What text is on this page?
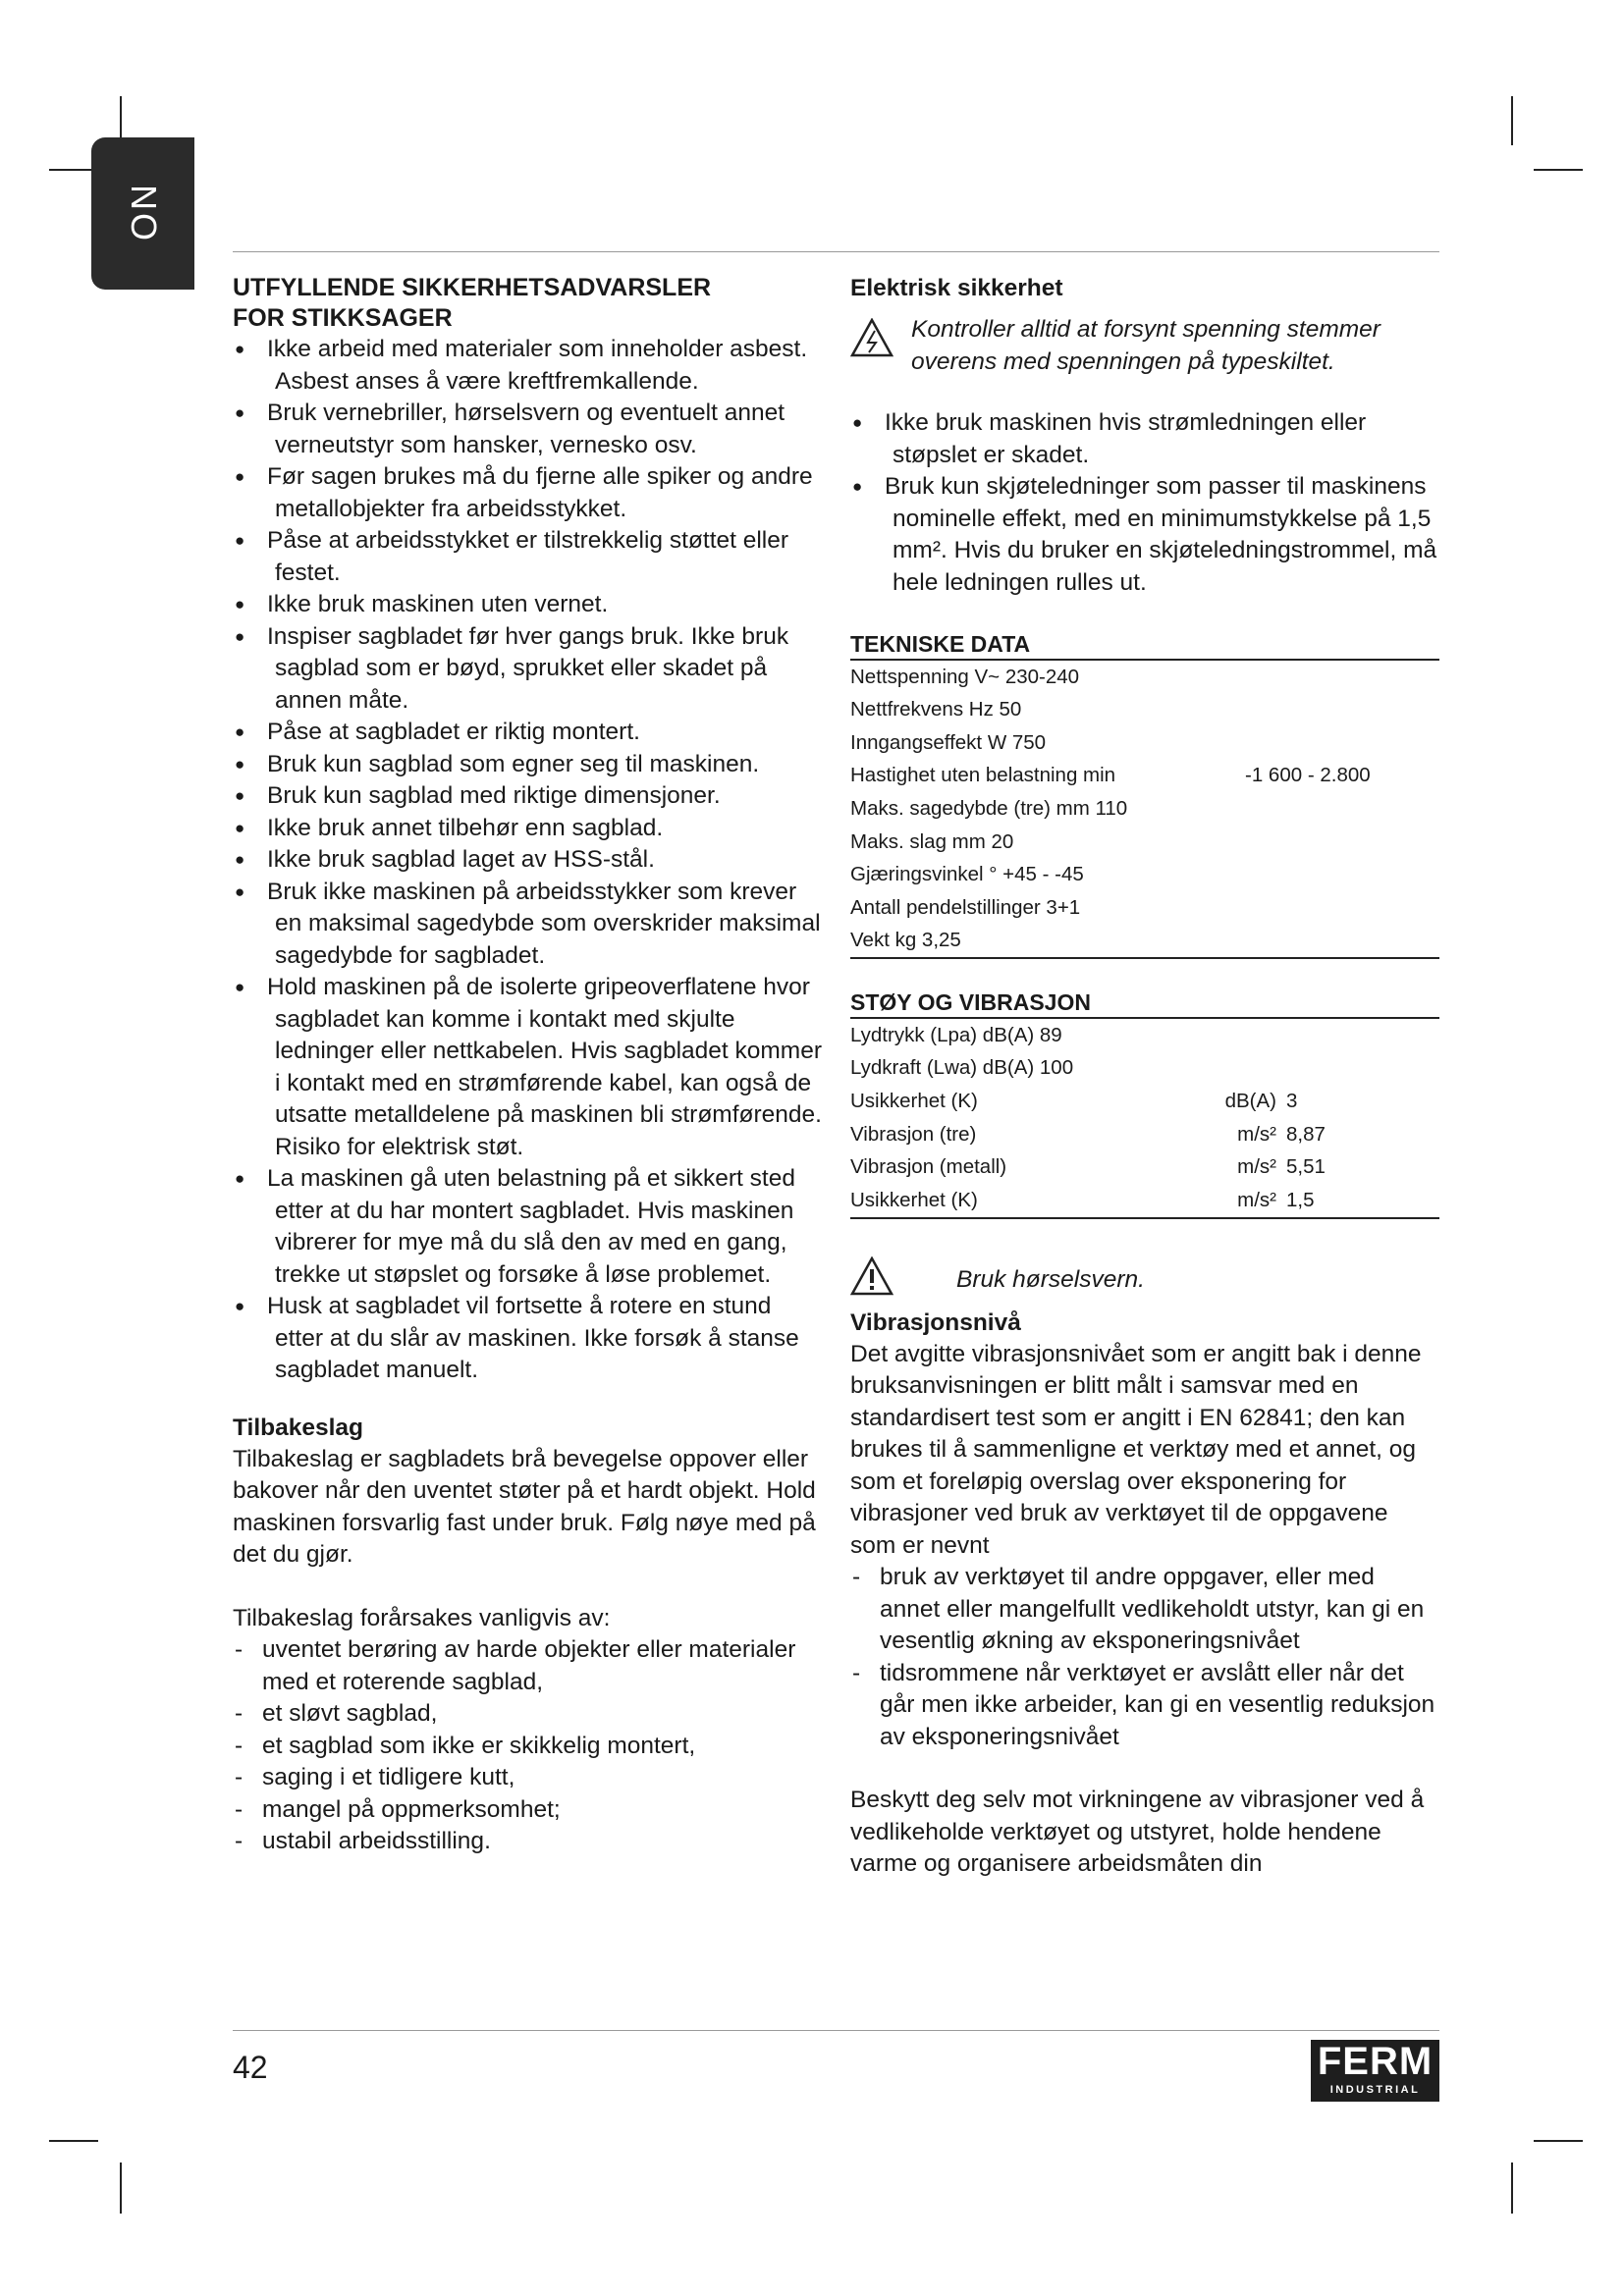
NO
UTFYLLENDE SIKKERHETSADVARSLER
FOR STIKKSAGER
● Ikke arbeid med materialer som inneholder asbest. Asbest anses å være kreftfremkallende.
● Bruk vernebriller, hørselsvern og eventuelt annet verneutstyr som hansker, vernesko osv.
● Før sagen brukes må du fjerne alle spiker og andre metallobjekter fra arbeidsstykket.
● Påse at arbeidsstykket er tilstrekkelig støttet eller festet.
● Ikke bruk maskinen uten vernet.
● Inspiser sagbladet før hver gangs bruk. Ikke bruk sagblad som er bøyd, sprukket eller skadet på annen måte.
● Påse at sagbladet er riktig montert.
● Bruk kun sagblad som egner seg til maskinen.
● Bruk kun sagblad med riktige dimensjoner.
● Ikke bruk annet tilbehør enn sagblad.
● Ikke bruk sagblad laget av HSS-stål.
● Bruk ikke maskinen på arbeidsstykker som krever en maksimal sagedybde som overskrider maksimal sagedybde for sagbladet.
● Hold maskinen på de isolerte gripeoverflatene hvor sagbladet kan komme i kontakt med skjulte ledninger eller nettkabelen. Hvis sagbladet kommer i kontakt med en strømførende kabel, kan også de utsatte metalldelene på maskinen bli strømførende. Risiko for elektrisk støt.
● La maskinen gå uten belastning på et sikkert sted etter at du har montert sagbladet. Hvis maskinen vibrerer for mye må du slå den av med en gang, trekke ut støpslet og forsøke å løse problemet.
● Husk at sagbladet vil fortsette å rotere en stund etter at du slår av maskinen. Ikke forsøk å stanse sagbladet manuelt.
Tilbakeslag

Tilbakeslag er sagbladets brå bevegelse oppover eller bakover når den uventet støter på et hardt objekt. Hold maskinen forsvarlig fast under bruk. Følg nøye med på det du gjør.

Tilbakeslag forårsakes vanligvis av:

- uventet berøring av harde objekter eller materialer med et roterende sagblad,
- et sløvt sagblad,
- et sagblad som ikke er skikkelig montert,
- saging i et tidligere kutt,
- mangel på oppmerksomhet;
- ustabil arbeidsstilling.
Elektrisk sikkerhet
Kontroller alltid at forsynt spenning stemmer overens med spenningen på typeskiltet.
● Ikke bruk maskinen hvis strømledningen eller støpslet er skadet.
● Bruk kun skjøteledninger som passer til maskinens nominelle effekt, med en minimumstykkelse på 1,5 mm². Hvis du bruker en skjøteledningstrommel, må hele ledningen rulles ut.
TEKNISKE DATA
Nettspenning V~ 230-240	
Nettfrekvens Hz 50	
Inngangseffekt W 750	
Hastighet uten belastning min	-1 600 - 2.800
Maks. sagedybde (tre) mm 110	
Maks. slag mm 20	
Gjæringsvinkel ° +45 - -45	
Antall pendelstillinger 3+1	
Vekt kg 3,25	
STØY OG VIBRASJON
Lydtrykk (Lpa) dB(A) 89		
Lydkraft (Lwa) dB(A) 100		
Usikkerhet (K)	dB(A)	3
Vibrasjon (tre)	m/s²	8,87
Vibrasjon (metall)	m/s²	5,51
Usikkerhet (K)	m/s²	1,5
Bruk hørselsvern.
Vibrasjonsnivå

Det avgitte vibrasjonsnivået som er angitt bak i denne bruksanvisningen er blitt målt i samsvar med en standardisert test som er angitt i EN 62841; den kan brukes til å sammenligne et verktøy med et annet, og som et foreløpig overslag over eksponering for vibrasjoner ved bruk av verktøyet til de oppgavene som er nevnt

- bruk av verktøyet til andre oppgaver, eller med annet eller mangelfullt vedlikeholdt utstyr, kan gi en vesentlig økning av eksponeringsnivået
- tidsrommene når verktøyet er avslått eller når det går men ikke arbeider, kan gi en vesentlig reduksjon av eksponeringsnivået

Beskytt deg selv mot virkningene av vibrasjoner ved å vedlikeholde verktøyet og utstyret, holde hendene varme og organisere arbeidsmåten din

42	FERM
INDUSTRIAL
